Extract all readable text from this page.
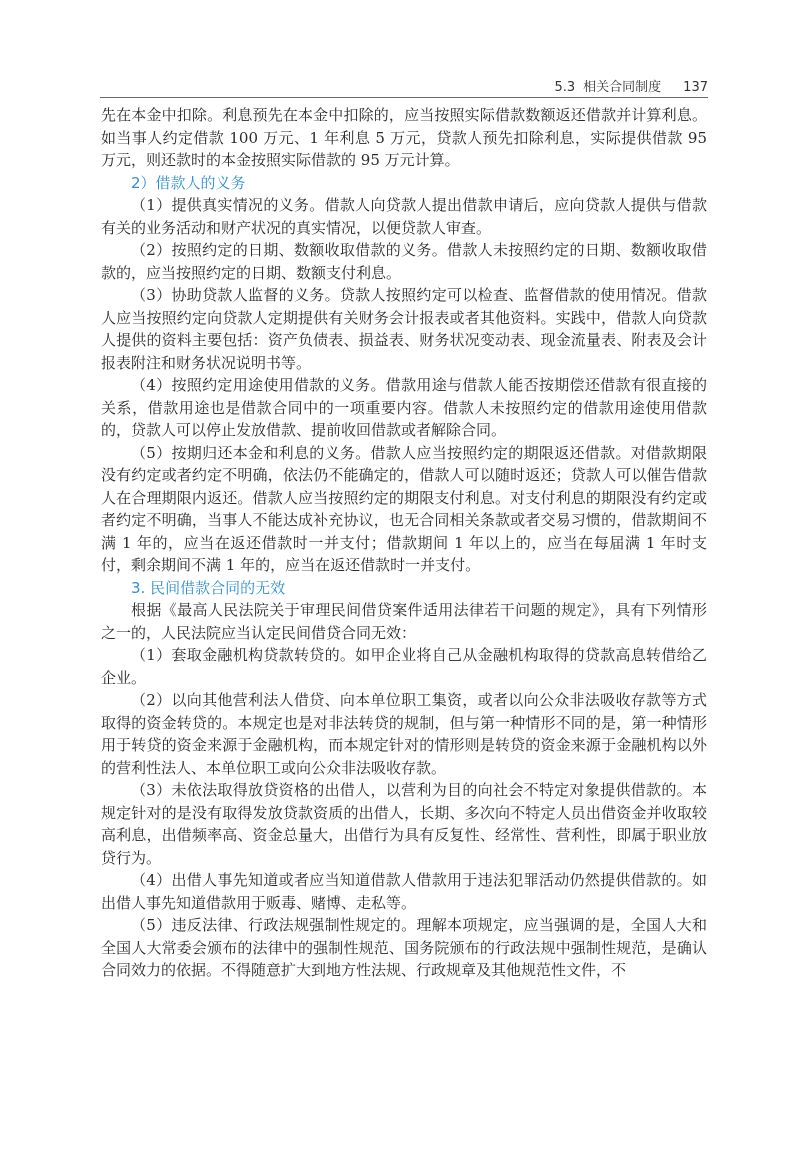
5.3 相关合同制度 137

先在本金中扣除。利息预先在本金中扣除的，应当按照实际借款数额返还借款并计算利息。如当事人约定借款 100 万元、1 年利息 5 万元，贷款人预先扣除利息，实际提供借款 95 万元，则还款时的本金按照实际借款的 95 万元计算。

2）借款人的义务

（1）提供真实情况的义务。借款人向贷款人提出借款申请后，应向贷款人提供与借款有关的业务活动和财产状况的真实情况，以便贷款人审查。

（2）按照约定的日期、数额收取借款的义务。借款人未按照约定的日期、数额收取借款的，应当按照约定的日期、数额支付利息。

（3）协助贷款人监督的义务。贷款人按照约定可以检查、监督借款的使用情况。借款人应当按照约定向贷款人定期提供有关财务会计报表或者其他资料。实践中，借款人向贷款人提供的资料主要包括：资产负债表、损益表、财务状况变动表、现金流量表、附表及会计报表附注和财务状况说明书等。

（4）按照约定用途使用借款的义务。借款用途与借款人能否按期偿还借款有很直接的关系，借款用途也是借款合同中的一项重要内容。借款人未按照约定的借款用途使用借款的，贷款人可以停止发放借款、提前收回借款或者解除合同。

（5）按期归还本金和利息的义务。借款人应当按照约定的期限返还借款。对借款期限没有约定或者约定不明确，依法仍不能确定的，借款人可以随时返还；贷款人可以催告借款人在合理期限内返还。借款人应当按照约定的期限支付利息。对支付利息的期限没有约定或者约定不明确，当事人不能达成补充协议，也无合同相关条款或者交易习惯的，借款期间不满 1 年的，应当在返还借款时一并支付；借款期间 1 年以上的，应当在每届满 1 年时支付，剩余期间不满 1 年的，应当在返还借款时一并支付。

3. 民间借款合同的无效

根据《最高人民法院关于审理民间借贷案件适用法律若干问题的规定》，具有下列情形之一的，人民法院应当认定民间借贷合同无效：

（1）套取金融机构贷款转贷的。如甲企业将自己从金融机构取得的贷款高息转借给乙企业。

（2）以向其他营利法人借贷、向本单位职工集资，或者以向公众非法吸收存款等方式取得的资金转贷的。本规定也是对非法转贷的规制，但与第一种情形不同的是，第一种情形用于转贷的资金来源于金融机构，而本规定针对的情形则是转贷的资金来源于金融机构以外的营利性法人、本单位职工或向公众非法吸收存款。

（3）未依法取得放贷资格的出借人，以营利为目的向社会不特定对象提供借款的。本规定针对的是没有取得发放贷款资质的出借人，长期、多次向不特定人员出借资金并收取较高利息，出借频率高、资金总量大，出借行为具有反复性、经常性、营利性，即属于职业放贷行为。

（4）出借人事先知道或者应当知道借款人借款用于违法犯罪活动仍然提供借款的。如出借人事先知道借款用于贩毒、赌博、走私等。

（5）违反法律、行政法规强制性规定的。理解本项规定，应当强调的是，全国人大和全国人大常委会颁布的法律中的强制性规范、国务院颁布的行政法规中强制性规范，是确认合同效力的依据。不得随意扩大到地方性法规、行政规章及其他规范性文件，不
